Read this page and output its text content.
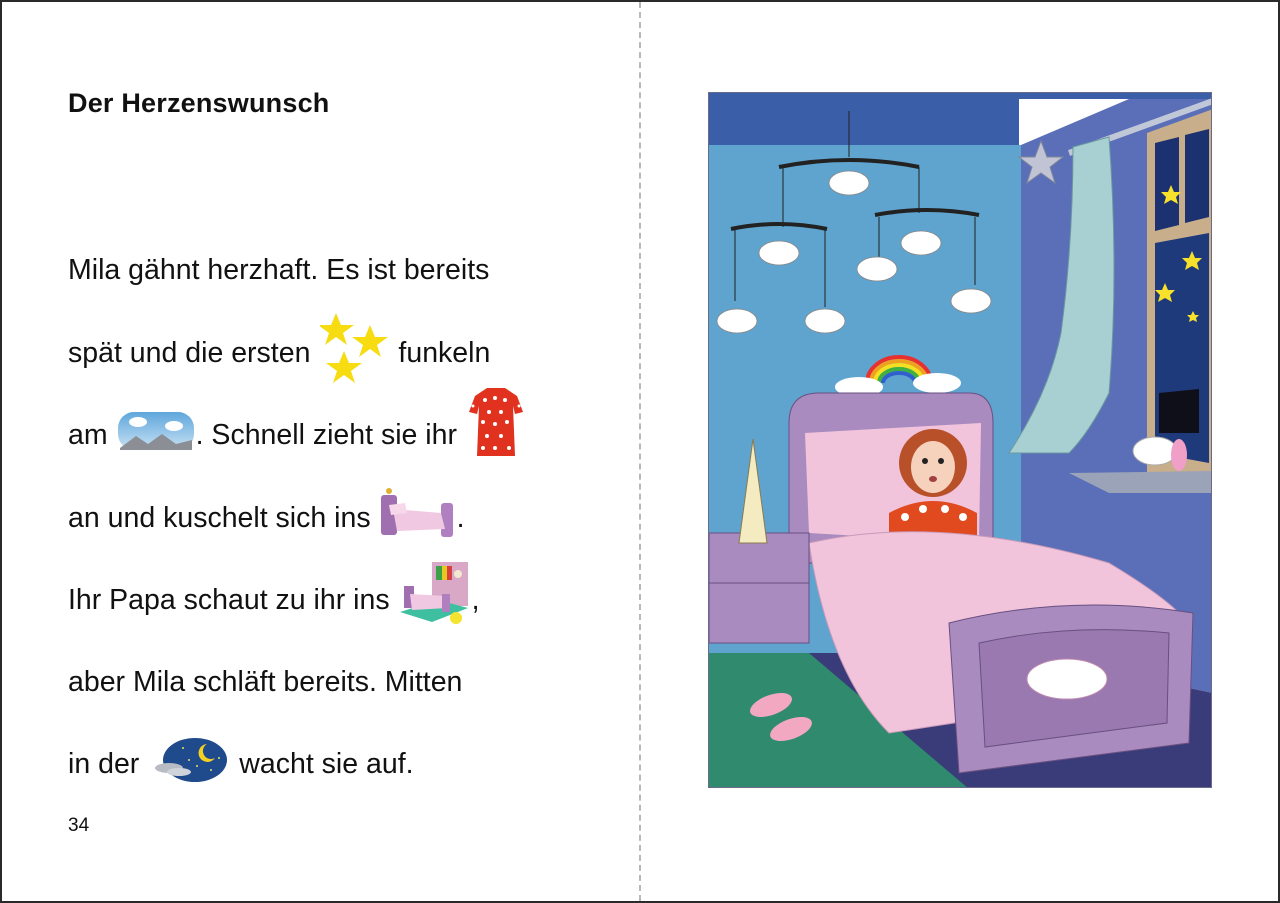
Der Herzenswunsch
Mila gähnt herzhaft. Es ist bereits
spät und die ersten	funkeln
am	. Schnell zieht sie ihr
an und kuschelt sich ins	.
Ihr Papa schaut zu ihr ins	,
aber Mila schläft bereits. Mitten
in der	wacht sie auf.
34
